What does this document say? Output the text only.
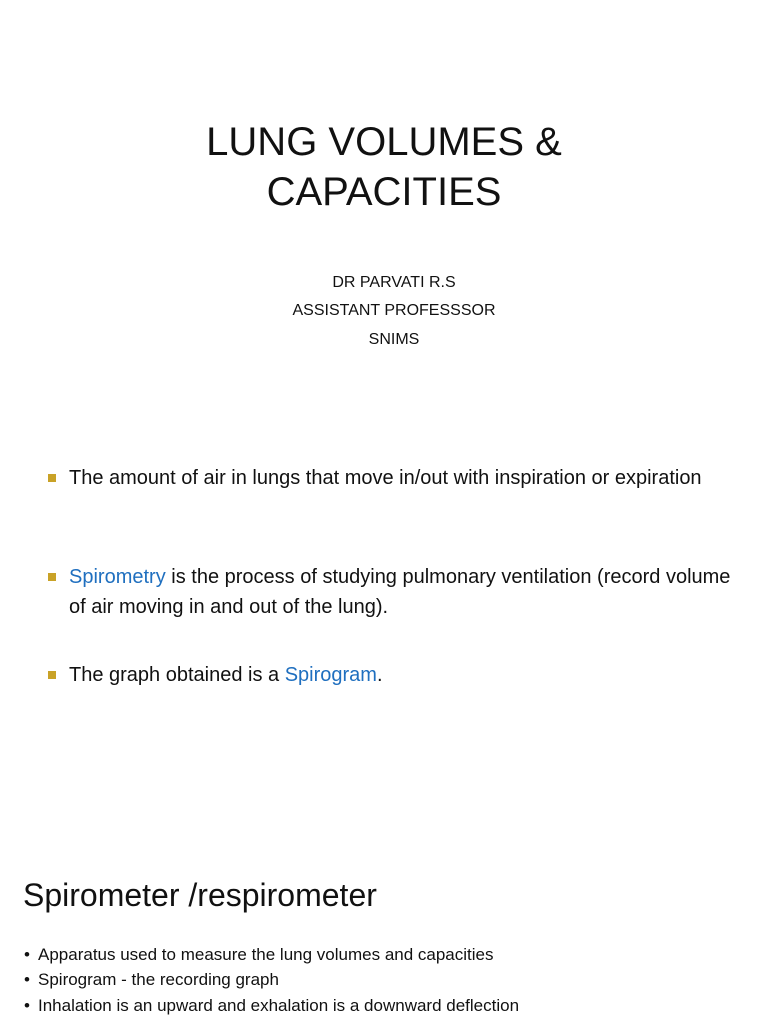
LUNG VOLUMES &
CAPACITIES
DR PARVATI R.S
ASSISTANT PROFESSSOR
SNIMS
The amount of air in lungs that move in/out with inspiration or expiration
Spirometry is the process of studying pulmonary ventilation (record volume of air moving in and out of the lung).
The graph obtained is a Spirogram.
Spirometer /respirometer
• Apparatus used to measure the lung volumes and capacities
• Spirogram - the recording graph
• Inhalation is an upward and exhalation is a downward deflection
